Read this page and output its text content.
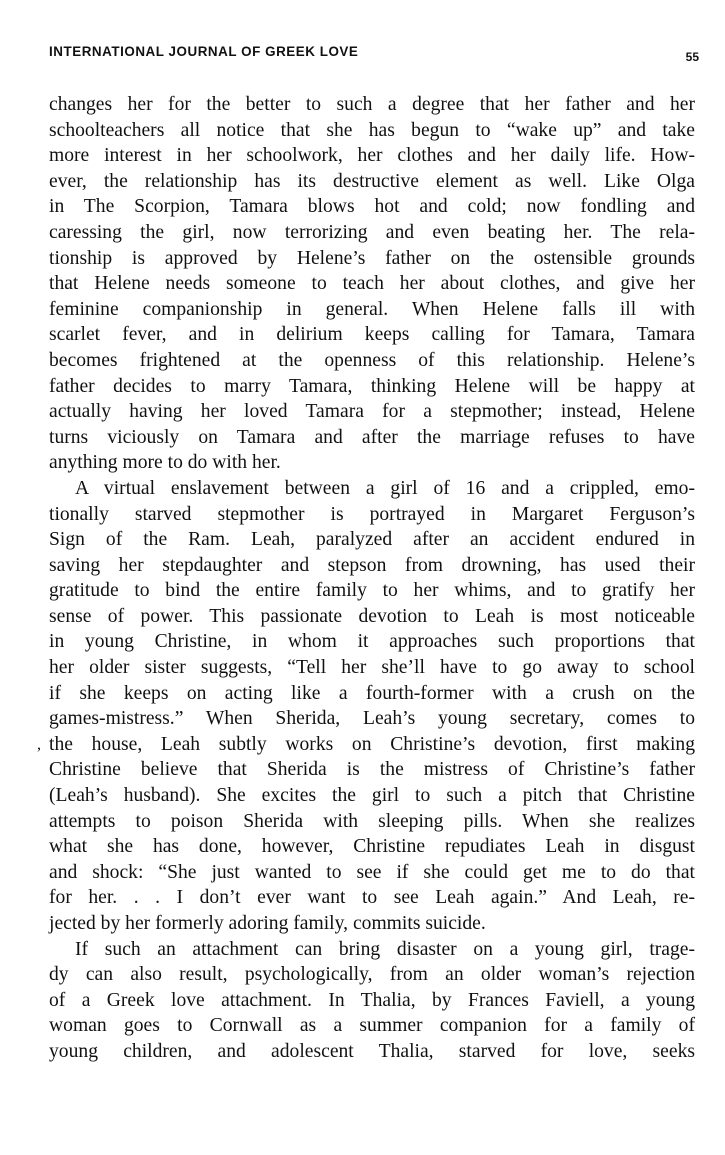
INTERNATIONAL JOURNAL OF GREEK LOVE	55
,

changes her for the better to such a degree that her father and her
schoolteachers all notice that she has begun to “wake up” and take
more interest in her schoolwork, her clothes and her daily life. How-
ever, the relationship has its destructive element as well. Like Olga
in The Scorpion, Tamara blows hot and cold; now fondling and
caressing the girl, now terrorizing and even beating her. The rela-
tionship is approved by Helene’s father on the ostensible grounds
that Helene needs someone to teach her about clothes, and give her
feminine companionship in general. When Helene falls ill with
scarlet fever, and in delirium keeps calling for Tamara, Tamara
becomes frightened at the openness of this relationship. Helene’s
father decides to marry Tamara, thinking Helene will be happy at
actually having her loved Tamara for a stepmother; instead, Helene
turns viciously on Tamara and after the marriage refuses to have
anything more to do with her.

A virtual enslavement between a girl of 16 and a crippled, emo-
tionally starved stepmother is portrayed in Margaret Ferguson’s
Sign of the Ram. Leah, paralyzed after an accident endured in
saving her stepdaughter and stepson from drowning, has used their
gratitude to bind the entire family to her whims, and to gratify her
sense of power. This passionate devotion to Leah is most noticeable
in young Christine, in whom it approaches such proportions that
her older sister suggests, “Tell her she’ll have to go away to school
if she keeps on acting like a fourth-former with a crush on the
games-mistress.” When Sherida, Leah’s young secretary, comes to
the house, Leah subtly works on Christine’s devotion, first making
Christine believe that Sherida is the mistress of Christine’s father
(Leah’s husband). She excites the girl to such a pitch that Christine
attempts to poison Sherida with sleeping pills. When she realizes
what she has done, however, Christine repudiates Leah in disgust
and shock: “She just wanted to see if she could get me to do that
for her. . . I don’t ever want to see Leah again.” And Leah, re-
jected by her formerly adoring family, commits suicide.

If such an attachment can bring disaster on a young girl, trage-
dy can also result, psychologically, from an older woman’s rejection
of a Greek love attachment. In Thalia, by Frances Faviell, a young
woman goes to Cornwall as a summer companion for a family of
young children, and adolescent Thalia, starved for love, seeks
